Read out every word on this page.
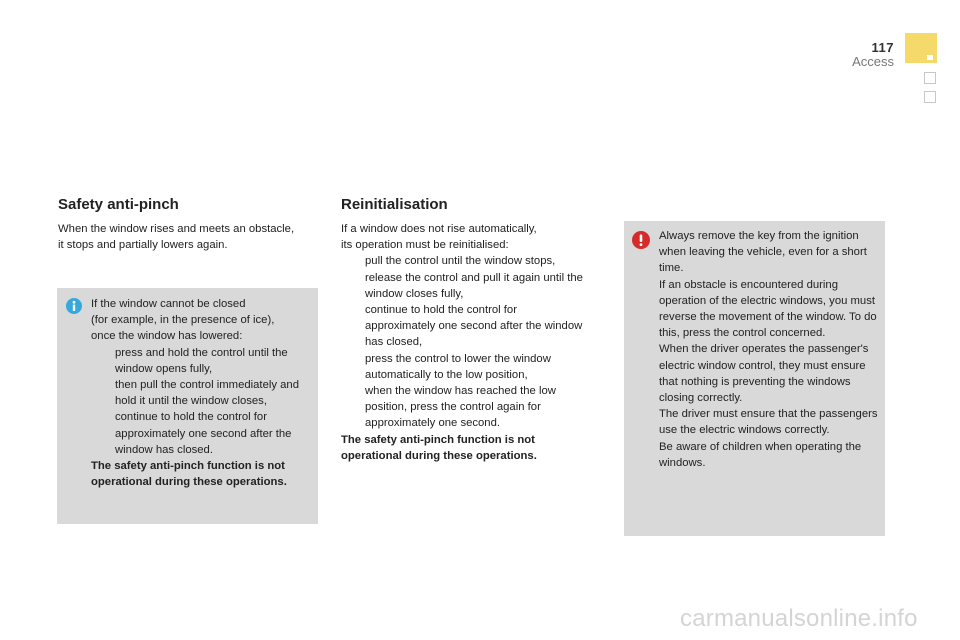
117
Access
Safety anti-pinch
When the window rises and meets an obstacle,
it stops and partially lowers again.
If the window cannot be closed
(for example, in the presence of ice),
once the window has lowered:
press and hold the control until the window opens fully,
then pull the control immediately and hold it until the window closes,
continue to hold the control for approximately one second after the window has closed.
The safety anti-pinch function is not operational during these operations.
Reinitialisation
If a window does not rise automatically,
its operation must be reinitialised:
pull the control until the window stops,
release the control and pull it again until the window closes fully,
continue to hold the control for approximately one second after the window has closed,
press the control to lower the window automatically to the low position,
when the window has reached the low position, press the control again for approximately one second.
The safety anti-pinch function is not operational during these operations.
Always remove the key from the ignition when leaving the vehicle, even for a short time.
If an obstacle is encountered during operation of the electric windows, you must reverse the movement of the window. To do this, press the control concerned.
When the driver operates the passenger's electric window control, they must ensure that nothing is preventing the windows closing correctly.
The driver must ensure that the passengers use the electric windows correctly.
Be aware of children when operating the windows.
carmanualsonline.info
